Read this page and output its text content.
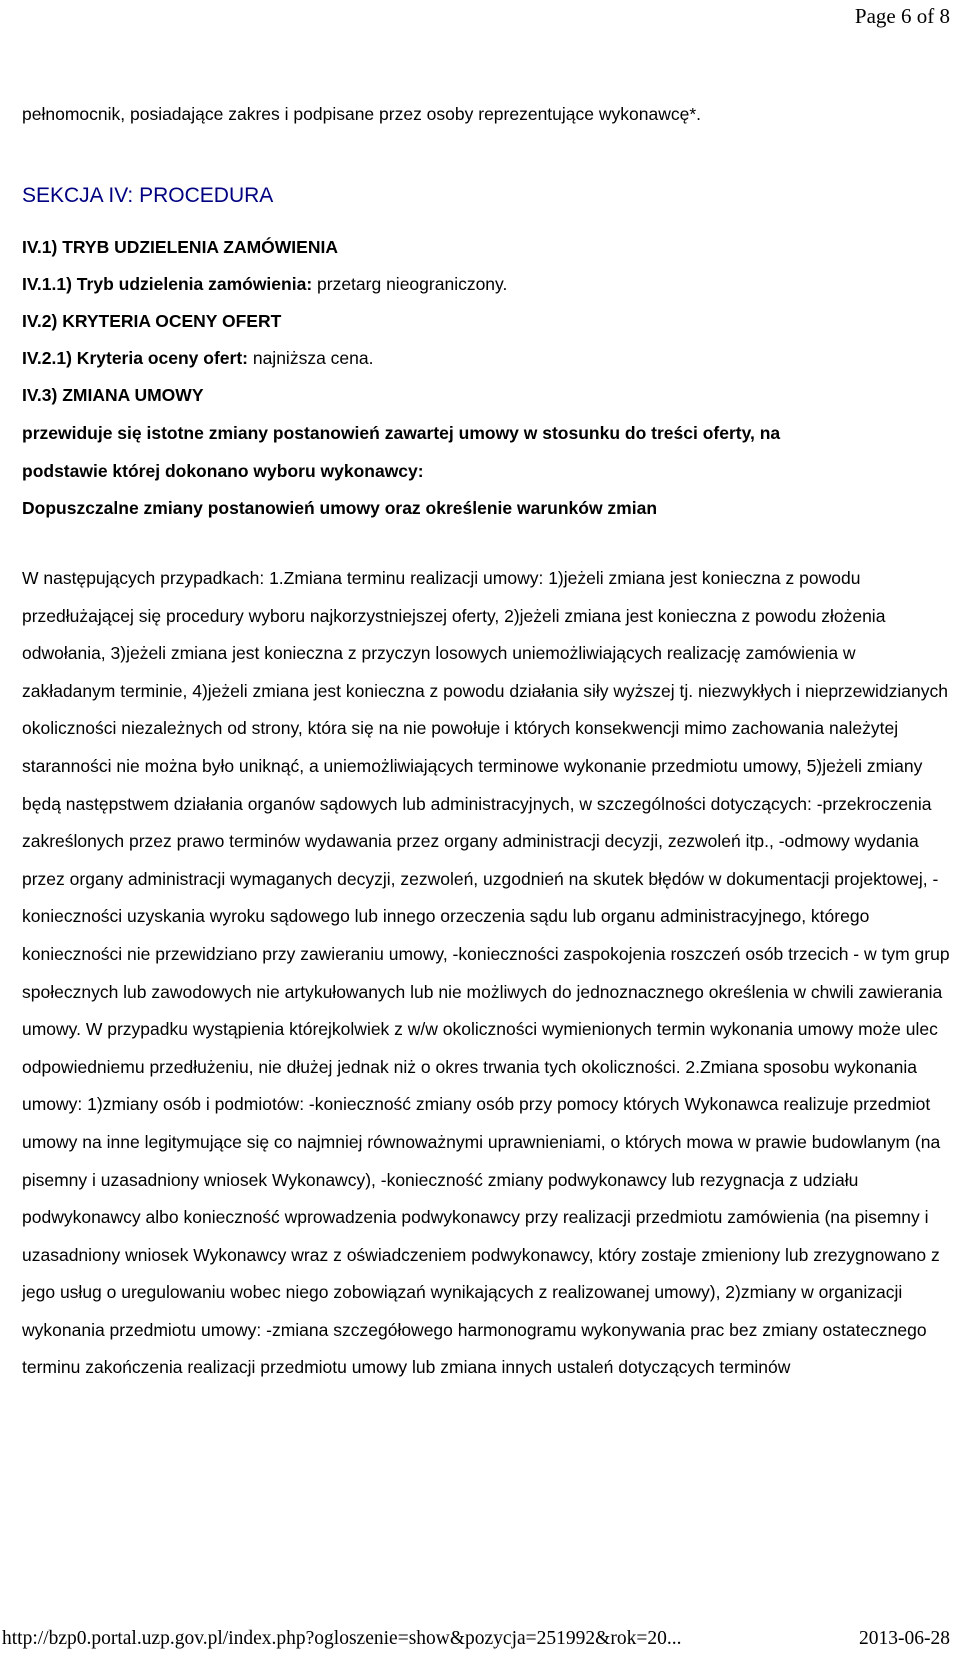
Page 6 of 8
pełnomocnik, posiadające zakres i podpisane przez osoby reprezentujące wykonawcę*.
SEKCJA IV: PROCEDURA
IV.1) TRYB UDZIELENIA ZAMÓWIENIA
IV.1.1) Tryb udzielenia zamówienia: przetarg nieograniczony.
IV.2) KRYTERIA OCENY OFERT
IV.2.1) Kryteria oceny ofert: najniższa cena.
IV.3) ZMIANA UMOWY
przewiduje się istotne zmiany postanowień zawartej umowy w stosunku do treści oferty, na
podstawie której dokonano wyboru wykonawcy:
Dopuszczalne zmiany postanowień umowy oraz określenie warunków zmian
W następujących przypadkach: 1.Zmiana terminu realizacji umowy: 1)jeżeli zmiana jest konieczna z powodu przedłużającej się procedury wyboru najkorzystniejszej oferty, 2)jeżeli zmiana jest konieczna z powodu złożenia odwołania, 3)jeżeli zmiana jest konieczna z przyczyn losowych uniemożliwiających realizację zamówienia w zakładanym terminie, 4)jeżeli zmiana jest konieczna z powodu działania siły wyższej tj. niezwykłych i nieprzewidzianych okoliczności niezależnych od strony, która się na nie powołuje i których konsekwencji mimo zachowania należytej staranności nie można było uniknąć, a uniemożliwiających terminowe wykonanie przedmiotu umowy, 5)jeżeli zmiany będą następstwem działania organów sądowych lub administracyjnych, w szczególności dotyczących: -przekroczenia zakreślonych przez prawo terminów wydawania przez organy administracji decyzji, zezwoleń itp., -odmowy wydania przez organy administracji wymaganych decyzji, zezwoleń, uzgodnień na skutek błędów w dokumentacji projektowej, -konieczności uzyskania wyroku sądowego lub innego orzeczenia sądu lub organu administracyjnego, którego konieczności nie przewidziano przy zawieraniu umowy, -konieczności zaspokojenia roszczeń osób trzecich - w tym grup społecznych lub zawodowych nie artykułowanych lub nie możliwych do jednoznacznego określenia w chwili zawierania umowy. W przypadku wystąpienia którejkolwiek z w/w okoliczności wymienionych termin wykonania umowy może ulec odpowiedniemu przedłużeniu, nie dłużej jednak niż o okres trwania tych okoliczności. 2.Zmiana sposobu wykonania umowy: 1)zmiany osób i podmiotów: -konieczność zmiany osób przy pomocy których Wykonawca realizuje przedmiot umowy na inne legitymujące się co najmniej równoważnymi uprawnieniami, o których mowa w prawie budowlanym (na pisemny i uzasadniony wniosek Wykonawcy), -konieczność zmiany podwykonawcy lub rezygnacja z udziału podwykonawcy albo konieczność wprowadzenia podwykonawcy przy realizacji przedmiotu zamówienia (na pisemny i uzasadniony wniosek Wykonawcy wraz z oświadczeniem podwykonawcy, który zostaje zmieniony lub zrezygnowano z jego usług o uregulowaniu wobec niego zobowiązań wynikających z realizowanej umowy), 2)zmiany w organizacji wykonania przedmiotu umowy: -zmiana szczegółowego harmonogramu wykonywania prac bez zmiany ostatecznego terminu zakończenia realizacji przedmiotu umowy lub zmiana innych ustaleń dotyczących terminów
http://bzp0.portal.uzp.gov.pl/index.php?ogloszenie=show&pozycja=251992&rok=20...	2013-06-28
